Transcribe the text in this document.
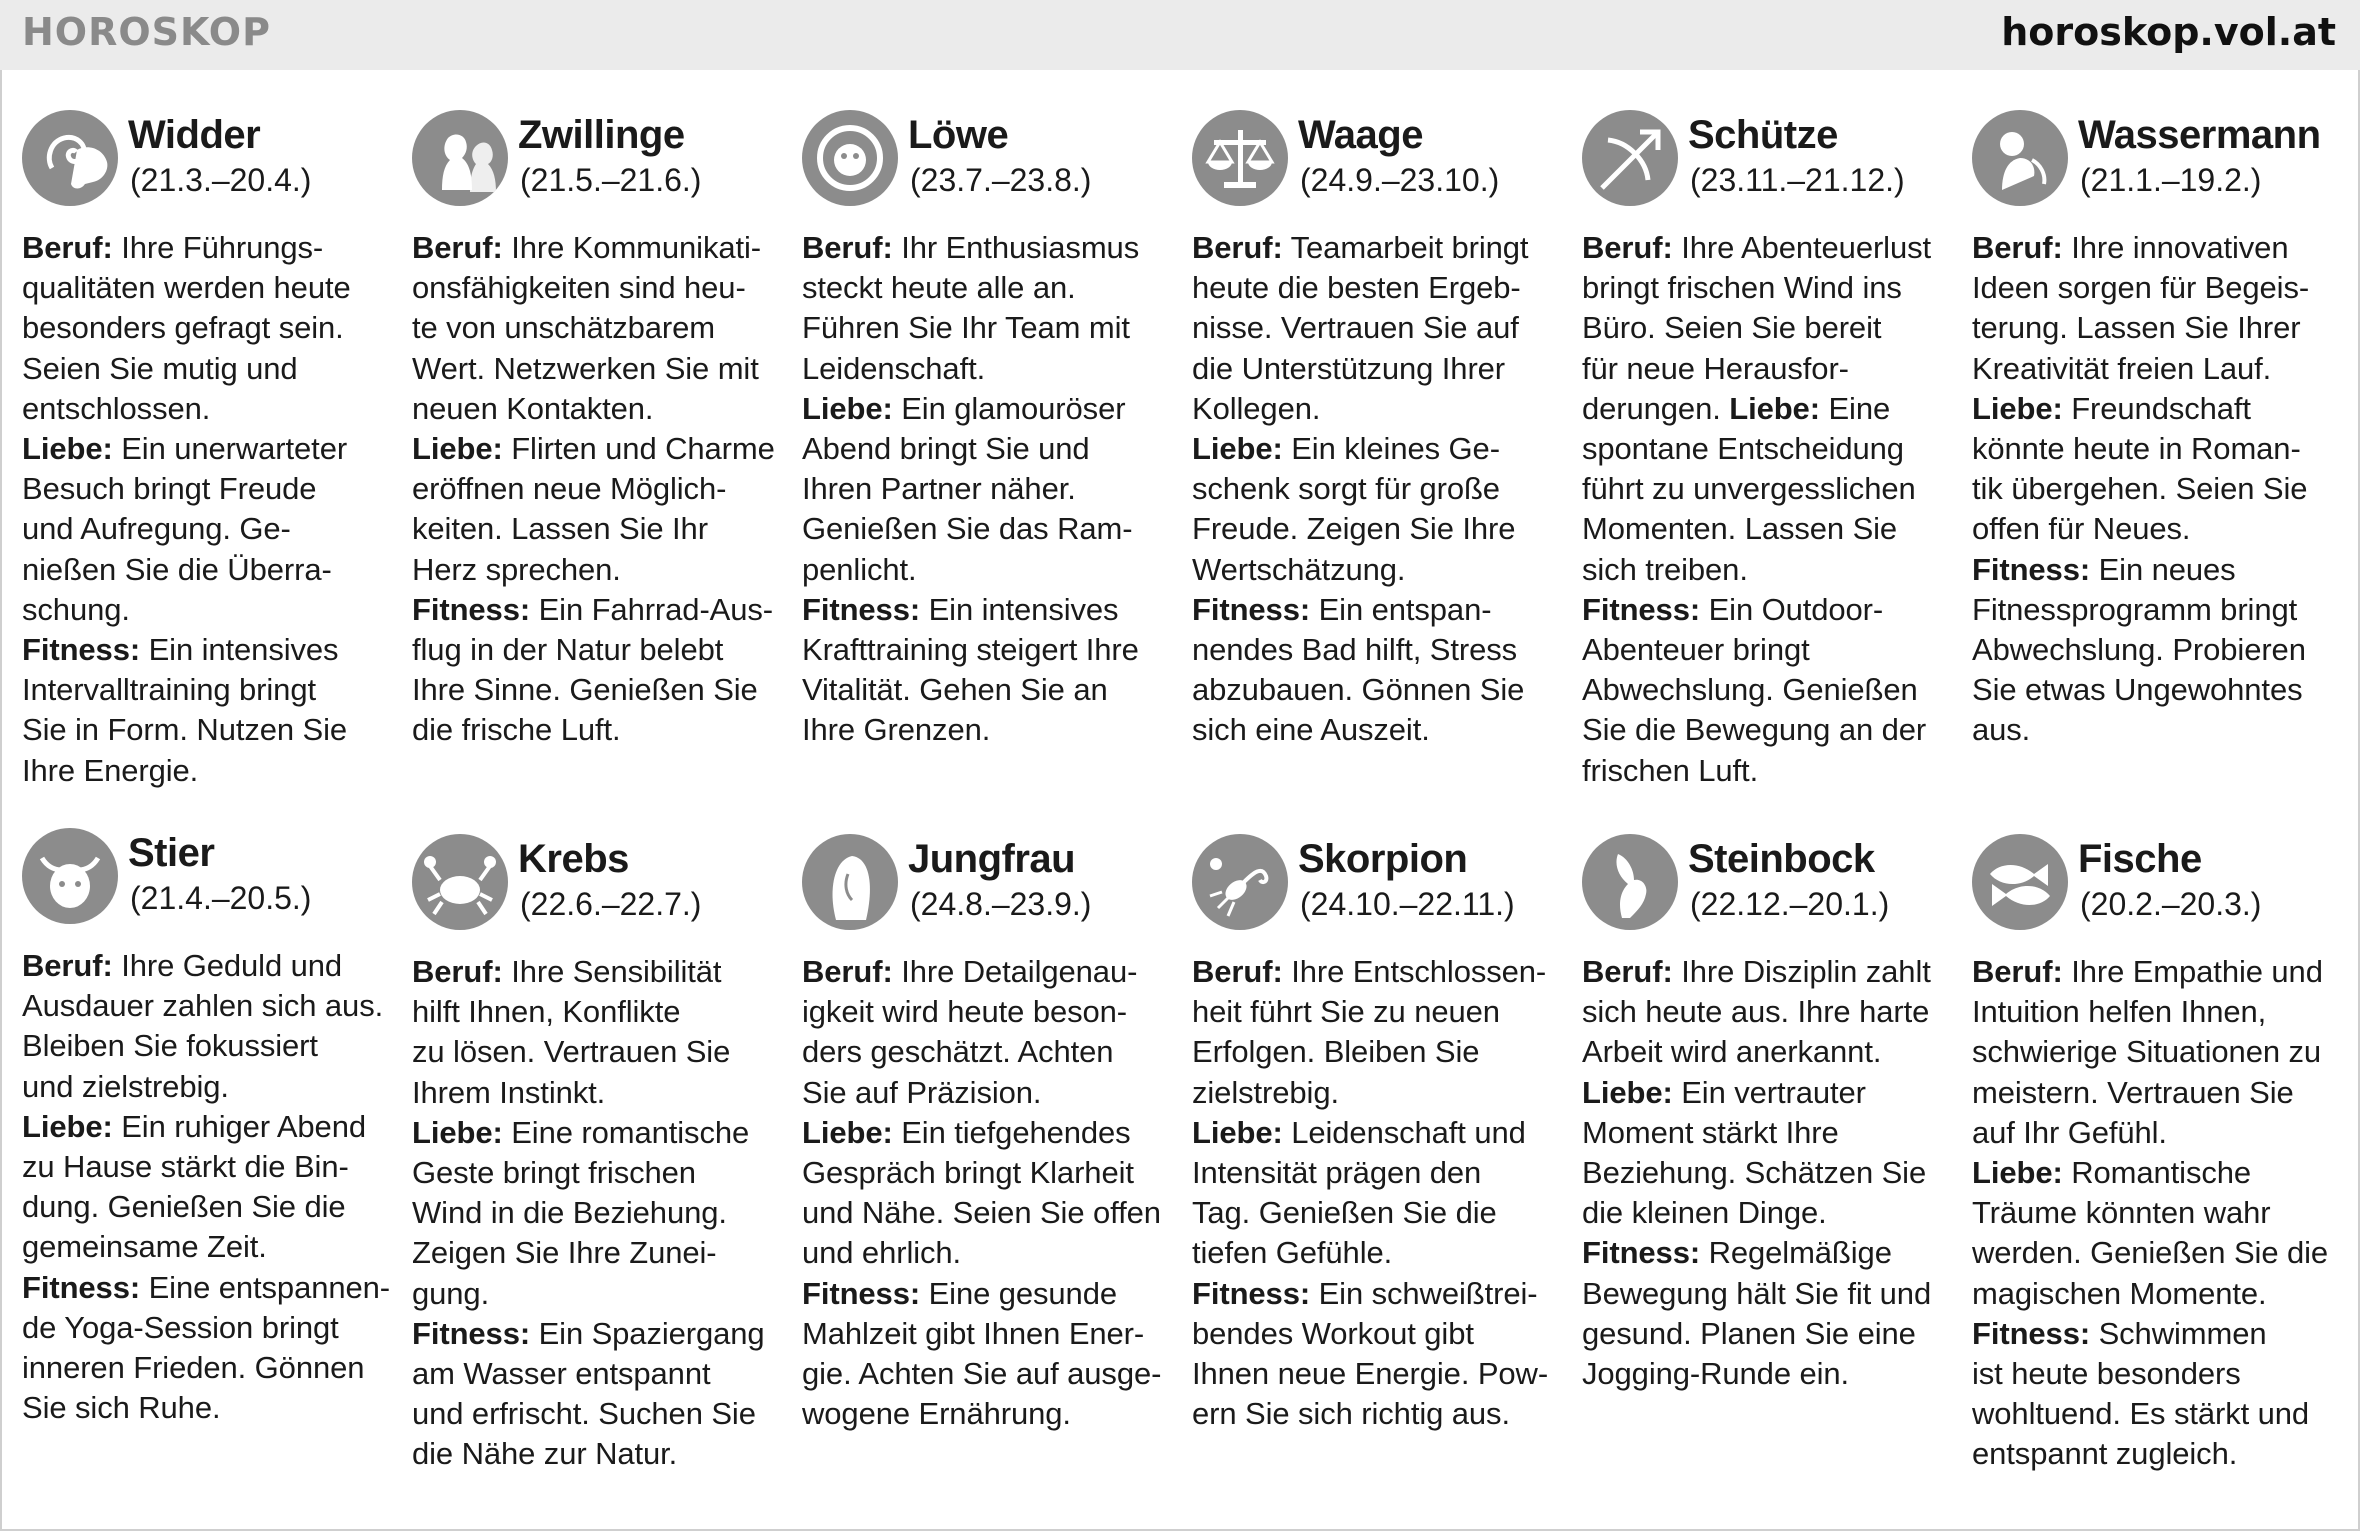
HOROSKOP	horoskop.vol.at
Widder
(21.3.–20.4.)
Beruf: Ihre Führungs-
qualitäten werden heute
besonders gefragt sein.
Seien Sie mutig und
entschlossen.
Liebe: Ein unerwarteter
Besuch bringt Freude
und Aufregung. Ge-
nießen Sie die Überra-
schung.
Fitness: Ein intensives
Intervalltraining bringt
Sie in Form. Nutzen Sie
Ihre Energie.
Zwillinge
(21.5.–21.6.)
Beruf: Ihre Kommunikati-
onsfähigkeiten sind heu-
te von unschätzbarem
Wert. Netzwerken Sie mit
neuen Kontakten.
Liebe: Flirten und Charme
eröffnen neue Möglich-
keiten. Lassen Sie Ihr
Herz sprechen.
Fitness: Ein Fahrrad-Aus-
flug in der Natur belebt
Ihre Sinne. Genießen Sie
die frische Luft.
Löwe
(23.7.–23.8.)
Beruf: Ihr Enthusiasmus
steckt heute alle an.
Führen Sie Ihr Team mit
Leidenschaft.
Liebe: Ein glamouröser
Abend bringt Sie und
Ihren Partner näher.
Genießen Sie das Ram-
penlicht.
Fitness: Ein intensives
Krafttraining steigert Ihre
Vitalität. Gehen Sie an
Ihre Grenzen.
Waage
(24.9.–23.10.)
Beruf: Teamarbeit bringt
heute die besten Ergeb-
nisse. Vertrauen Sie auf
die Unterstützung Ihrer
Kollegen.
Liebe: Ein kleines Ge-
schenk sorgt für große
Freude. Zeigen Sie Ihre
Wertschätzung.
Fitness: Ein entspan-
nendes Bad hilft, Stress
abzubauen. Gönnen Sie
sich eine Auszeit.
Schütze
(23.11.–21.12.)
Beruf: Ihre Abenteuerlust
bringt frischen Wind ins
Büro. Seien Sie bereit
für neue Herausfor-
derungen. Liebe: Eine
spontane Entscheidung
führt zu unvergesslichen
Momenten. Lassen Sie
sich treiben.
Fitness: Ein Outdoor-
Abenteuer bringt
Abwechslung. Genießen
Sie die Bewegung an der
frischen Luft.
Wassermann
(21.1.–19.2.)
Beruf: Ihre innovativen
Ideen sorgen für Begeis-
terung. Lassen Sie Ihrer
Kreativität freien Lauf.
Liebe: Freundschaft
könnte heute in Roman-
tik übergehen. Seien Sie
offen für Neues.
Fitness: Ein neues
Fitnessprogramm bringt
Abwechslung. Probieren
Sie etwas Ungewohntes
aus.
Stier
(21.4.–20.5.)
Beruf: Ihre Geduld und
Ausdauer zahlen sich aus.
Bleiben Sie fokussiert
und zielstrebig.
Liebe: Ein ruhiger Abend
zu Hause stärkt die Bin-
dung. Genießen Sie die
gemeinsame Zeit.
Fitness: Eine entspannen-
de Yoga-Session bringt
inneren Frieden. Gönnen
Sie sich Ruhe.
Krebs
(22.6.–22.7.)
Beruf: Ihre Sensibilität
hilft Ihnen, Konflikte
zu lösen. Vertrauen Sie
Ihrem Instinkt.
Liebe: Eine romantische
Geste bringt frischen
Wind in die Beziehung.
Zeigen Sie Ihre Zunei-
gung.
Fitness: Ein Spaziergang
am Wasser entspannt
und erfrischt. Suchen Sie
die Nähe zur Natur.
Jungfrau
(24.8.–23.9.)
Beruf: Ihre Detailgenau-
igkeit wird heute beson-
ders geschätzt. Achten
Sie auf Präzision.
Liebe: Ein tiefgehendes
Gespräch bringt Klarheit
und Nähe. Seien Sie offen
und ehrlich.
Fitness: Eine gesunde
Mahlzeit gibt Ihnen Ener-
gie. Achten Sie auf ausge-
wogene Ernährung.
Skorpion
(24.10.–22.11.)
Beruf: Ihre Entschlossen-
heit führt Sie zu neuen
Erfolgen. Bleiben Sie
zielstrebig.
Liebe: Leidenschaft und
Intensität prägen den
Tag. Genießen Sie die
tiefen Gefühle.
Fitness: Ein schweißtrei-
bendes Workout gibt
Ihnen neue Energie. Pow-
ern Sie sich richtig aus.
Steinbock
(22.12.–20.1.)
Beruf: Ihre Disziplin zahlt
sich heute aus. Ihre harte
Arbeit wird anerkannt.
Liebe: Ein vertrauter
Moment stärkt Ihre
Beziehung. Schätzen Sie
die kleinen Dinge.
Fitness: Regelmäßige
Bewegung hält Sie fit und
gesund. Planen Sie eine
Jogging-Runde ein.
Fische
(20.2.–20.3.)
Beruf: Ihre Empathie und
Intuition helfen Ihnen,
schwierige Situationen zu
meistern. Vertrauen Sie
auf Ihr Gefühl.
Liebe: Romantische
Träume könnten wahr
werden. Genießen Sie die
magischen Momente.
Fitness: Schwimmen
ist heute besonders
wohltuend. Es stärkt und
entspannt zugleich.
